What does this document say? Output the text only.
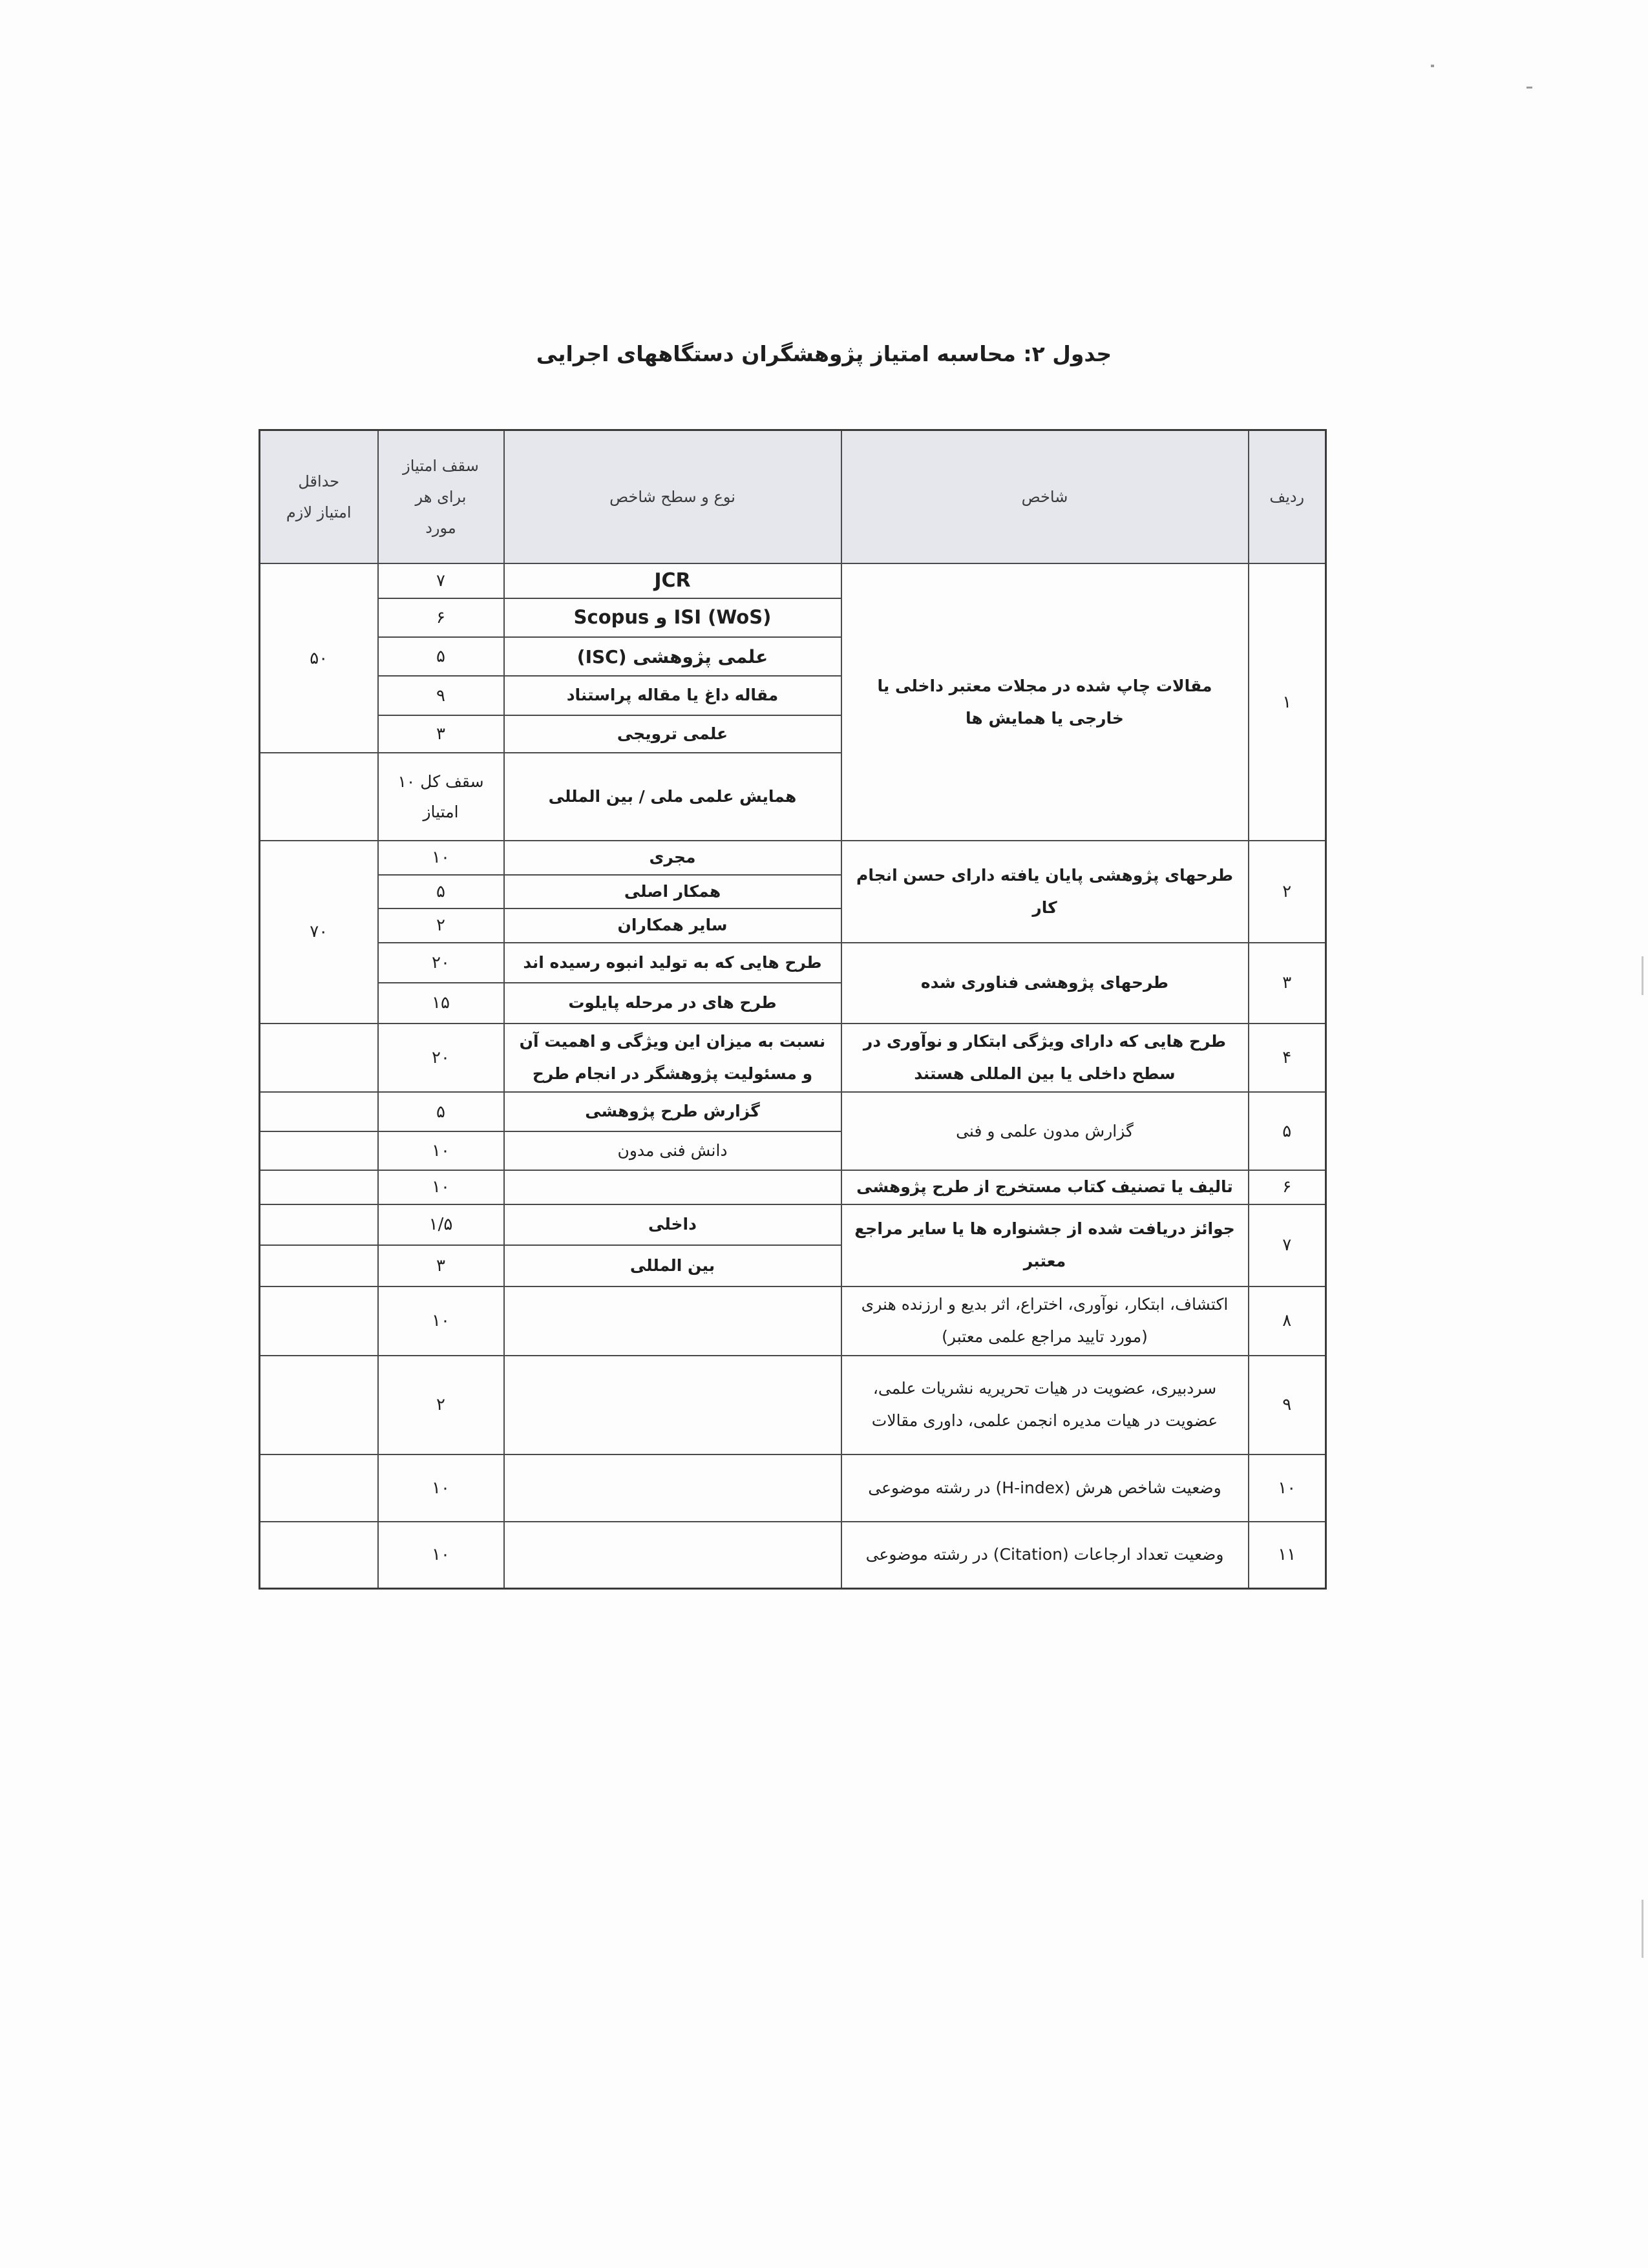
جدول ۲: محاسبه امتیاز پژوهشگران دستگاههای اجرایی
ردیف	شاخص	نوع و سطح شاخص	سقف امتیاز برای هر مورد	حداقل امتیاز لازم

۱	مقالات چاپ شده در مجلات معتبر داخلی یا خارجی یا همایش ها	JCR	۷	۵۰
		ISI (WoS) و Scopus	۶	
		علمی پژوهشی (ISC)	۵	
		مقاله داغ یا مقاله پراستناد	۹	
		علمی ترویجی	۳	
		همایش علمی ملی / بین المللی	سقف کل ۱۰ امتیاز	

۲	طرحهای پژوهشی پایان یافته دارای حسن انجام کار	مجری	۱۰	۷۰
		همکار اصلی	۵	
		سایر همکاران	۲	
۳	طرحهای پژوهشی فناوری شده	طرح هایی که به تولید انبوه رسیده اند	۲۰	
		طرح های در مرحله پایلوت	۱۵	
۴	طرح هایی که دارای ویژگی ابتکار و نوآوری در سطح داخلی یا بین المللی هستند	نسبت به میزان این ویژگی و اهمیت آن و مسئولیت پژوهشگر در انجام طرح	۲۰	
۵	گزارش مدون علمی و فنی	گزارش طرح پژوهشی	۵	
		دانش فنی مدون	۱۰	
۶	تالیف یا تصنیف کتاب مستخرج از طرح پژوهشی		۱۰	
۷	جوائز دریافت شده از جشنواره ها یا سایر مراجع معتبر	داخلی	۱/۵	
		بین المللی	۳	
۸	اکتشاف، ابتکار، نوآوری، اختراع، اثر بدیع و ارزنده هنری (مورد تایید مراجع علمی معتبر)		۱۰	
۹	سردبیری، عضویت در هیات تحریریه نشریات علمی، عضویت در هیات مدیره انجمن علمی، داوری مقالات		۲	
۱۰	وضعیت شاخص هرش (H-index) در رشته موضوعی		۱۰	
۱۱	وضعیت تعداد ارجاعات (Citation) در رشته موضوعی		۱۰	
